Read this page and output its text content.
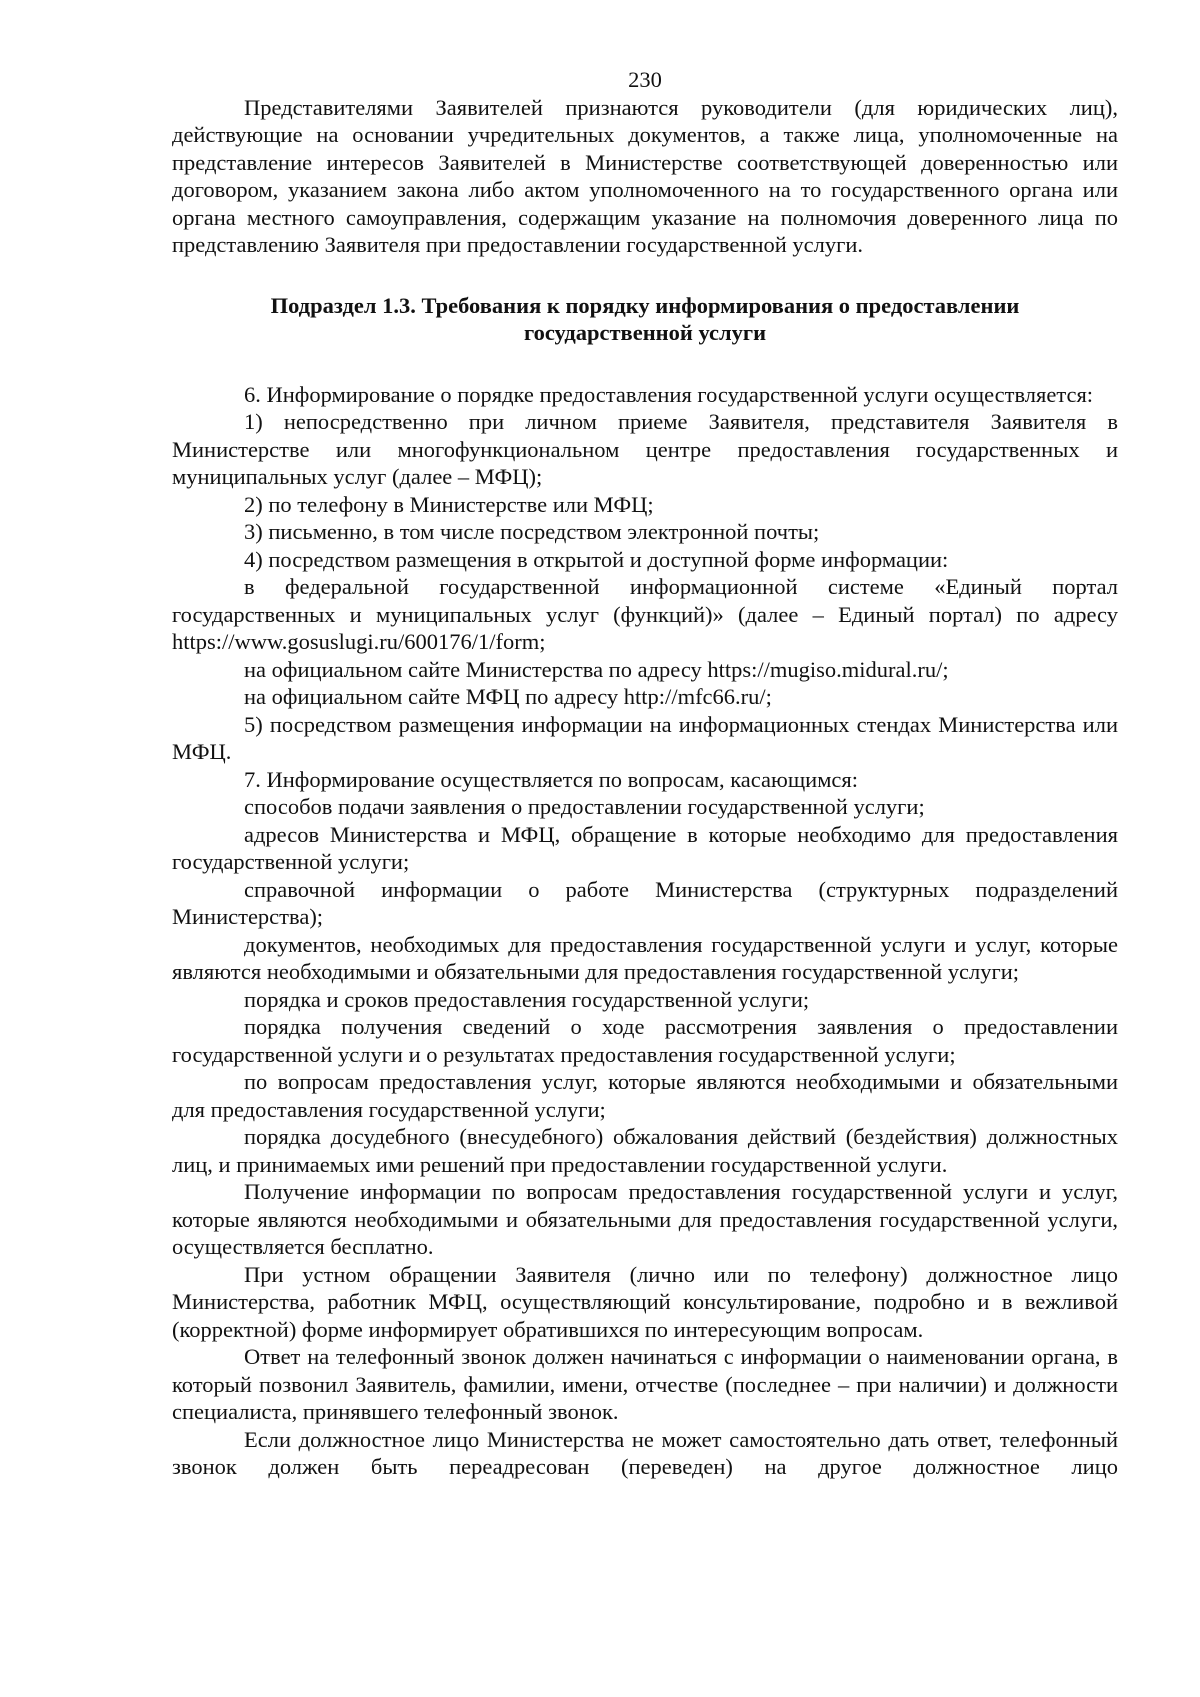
230

Представителями Заявителей признаются руководители (для юридических лиц), действующие на основании учредительных документов, а также лица, уполномоченные на представление интересов Заявителей в Министерстве соответствующей доверенностью или договором, указанием закона либо актом уполномоченного на то государственного органа или органа местного самоуправления, содержащим указание на полномочия доверенного лица по представлению Заявителя при предоставлении государственной услуги.

Подраздел 1.3. Требования к порядку информирования о предоставлении
государственной услуги

6. Информирование о порядке предоставления государственной услуги осуществляется:

1) непосредственно при личном приеме Заявителя, представителя Заявителя в Министерстве или многофункциональном центре предоставления государственных и муниципальных услуг (далее – МФЦ);

2) по телефону в Министерстве или МФЦ;

3) письменно, в том числе посредством электронной почты;

4) посредством размещения в открытой и доступной форме информации:

в федеральной государственной информационной системе «Единый портал государственных и муниципальных услуг (функций)» (далее – Единый портал) по адресу https://www.gosuslugi.ru/600176/1/form;

на официальном сайте Министерства по адресу https://mugiso.midural.ru/;

на официальном сайте МФЦ по адресу http://mfc66.ru/;

5) посредством размещения информации на информационных стендах Министерства или МФЦ.

7. Информирование осуществляется по вопросам, касающимся:

способов подачи заявления о предоставлении государственной услуги;

адресов Министерства и МФЦ, обращение в которые необходимо для предоставления государственной услуги;

справочной информации о работе Министерства (структурных подразделений Министерства);

документов, необходимых для предоставления государственной услуги и услуг, которые являются необходимыми и обязательными для предоставления государственной услуги;

порядка и сроков предоставления государственной услуги;

порядка получения сведений о ходе рассмотрения заявления о предоставлении государственной услуги и о результатах предоставления государственной услуги;

по вопросам предоставления услуг, которые являются необходимыми и обязательными для предоставления государственной услуги;

порядка досудебного (внесудебного) обжалования действий (бездействия) должностных лиц, и принимаемых ими решений при предоставлении государственной услуги.

Получение информации по вопросам предоставления государственной услуги и услуг, которые являются необходимыми и обязательными для предоставления государственной услуги, осуществляется бесплатно.

При устном обращении Заявителя (лично или по телефону) должностное лицо Министерства, работник МФЦ, осуществляющий консультирование, подробно и в вежливой (корректной) форме информирует обратившихся по интересующим вопросам.

Ответ на телефонный звонок должен начинаться с информации о наименовании органа, в который позвонил Заявитель, фамилии, имени, отчестве (последнее – при наличии) и должности специалиста, принявшего телефонный звонок.

Если должностное лицо Министерства не может самостоятельно дать ответ, телефонный звонок должен быть переадресован (переведен) на другое должностное лицо
